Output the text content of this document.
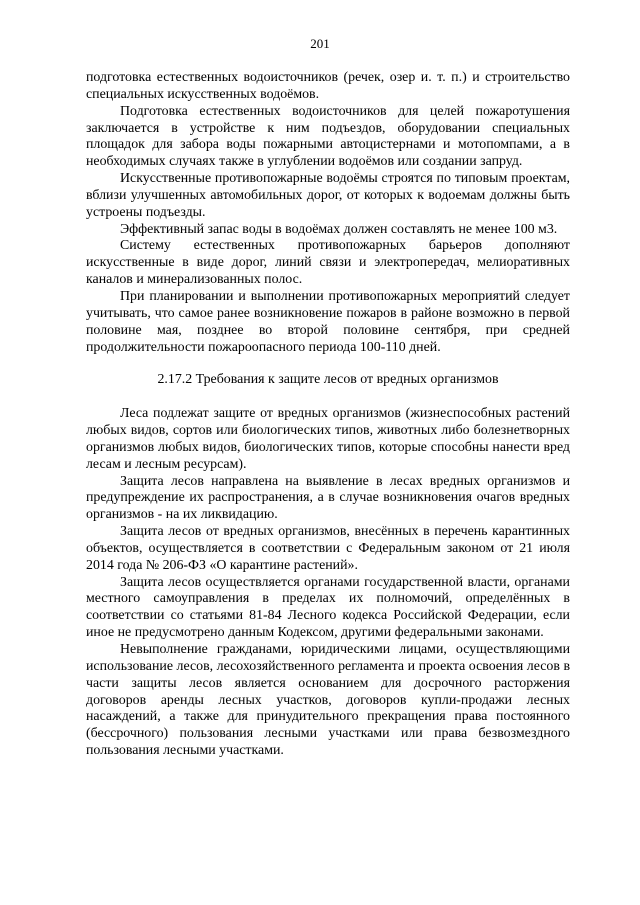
201

подготовка естественных водоисточников (речек, озер и. т. п.) и строительство специальных искусственных водоёмов.

Подготовка естественных водоисточников для целей пожаротушения заключается в устройстве к ним подъездов, оборудовании специальных площадок для забора воды пожарными автоцистернами и мотопомпами, а в необходимых случаях также в углублении водоёмов или создании запруд.

Искусственные противопожарные водоёмы строятся по типовым проектам, вблизи улучшенных автомобильных дорог, от которых к водоемам должны быть устроены подъезды.

Эффективный запас воды в водоёмах должен составлять не менее 100 м3.

Систему естественных противопожарных барьеров дополняют искусственные в виде дорог, линий связи и электропередач, мелиоративных каналов и минерализованных полос.

При планировании и выполнении противопожарных мероприятий следует учитывать, что самое ранее возникновение пожаров в районе возможно в первой половине мая, позднее во второй половине сентября, при средней продолжительности пожароопасного периода 100-110 дней.

2.17.2 Требования к защите лесов от вредных организмов

Леса подлежат защите от вредных организмов (жизнеспособных растений любых видов, сортов или биологических типов, животных либо болезнетворных организмов любых видов, биологических типов, которые способны нанести вред лесам и лесным ресурсам).

Защита лесов направлена на выявление в лесах вредных организмов и предупреждение их распространения, а в случае возникновения очагов вредных организмов - на их ликвидацию.

Защита лесов от вредных организмов, внесённых в перечень карантинных объектов, осуществляется в соответствии с Федеральным законом от 21 июля 2014 года № 206-ФЗ «О карантине растений».

Защита лесов осуществляется органами государственной власти, органами местного самоуправления в пределах их полномочий, определённых в соответствии со статьями 81-84 Лесного кодекса Российской Федерации, если иное не предусмотрено данным Кодексом, другими федеральными законами.

Невыполнение гражданами, юридическими лицами, осуществляющими использование лесов, лесохозяйственного регламента и проекта освоения лесов в части защиты лесов является основанием для досрочного расторжения договоров аренды лесных участков, договоров купли-продажи лесных насаждений, а также для принудительного прекращения права постоянного (бессрочного) пользования лесными участками или права безвозмездного пользования лесными участками.
